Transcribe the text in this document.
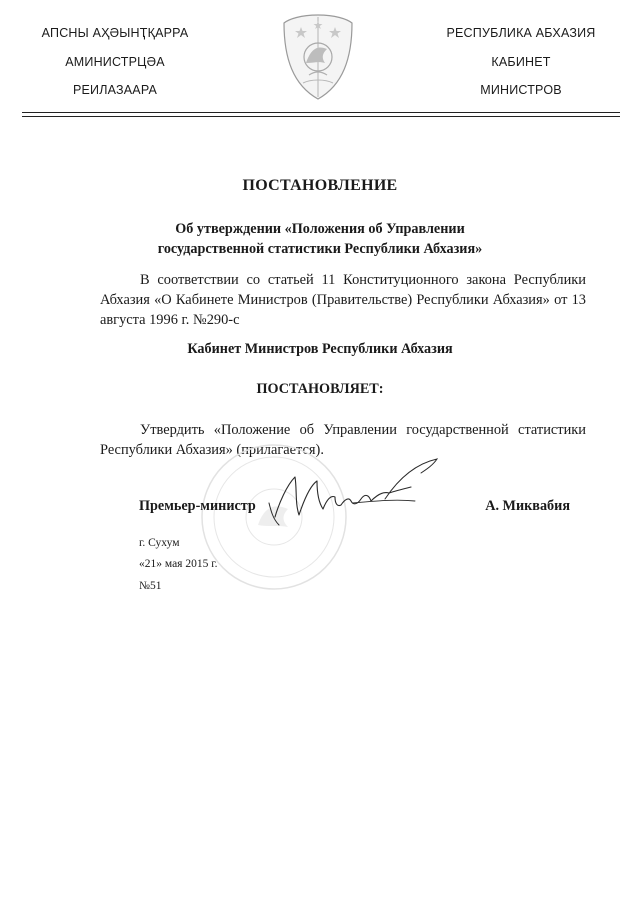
АПСНЫ АҲӘЫНҬҚАРРА
АМИНИСТРЦӘА
РЕИЛАЗААРА
РЕСПУБЛИКА АБХАЗИЯ
КАБИНЕТ
МИНИСТРОВ
ПОСТАНОВЛЕНИЕ
Об утверждении «Положения об Управлении
государственной статистики Республики Абхазия»
В соответствии со статьей 11 Конституционного закона Республики Абхазия «О Кабинете Министров (Правительстве) Республики Абхазия» от 13 августа 1996 г. №290-с
Кабинет Министров Республики Абхазия
ПОСТАНОВЛЯЕТ:
Утвердить «Положение об Управлении государственной статистики Республики Абхазия» (прилагается).
Премьер-министр	А. Миквабия
г. Сухум
«21» мая 2015 г.
№51
